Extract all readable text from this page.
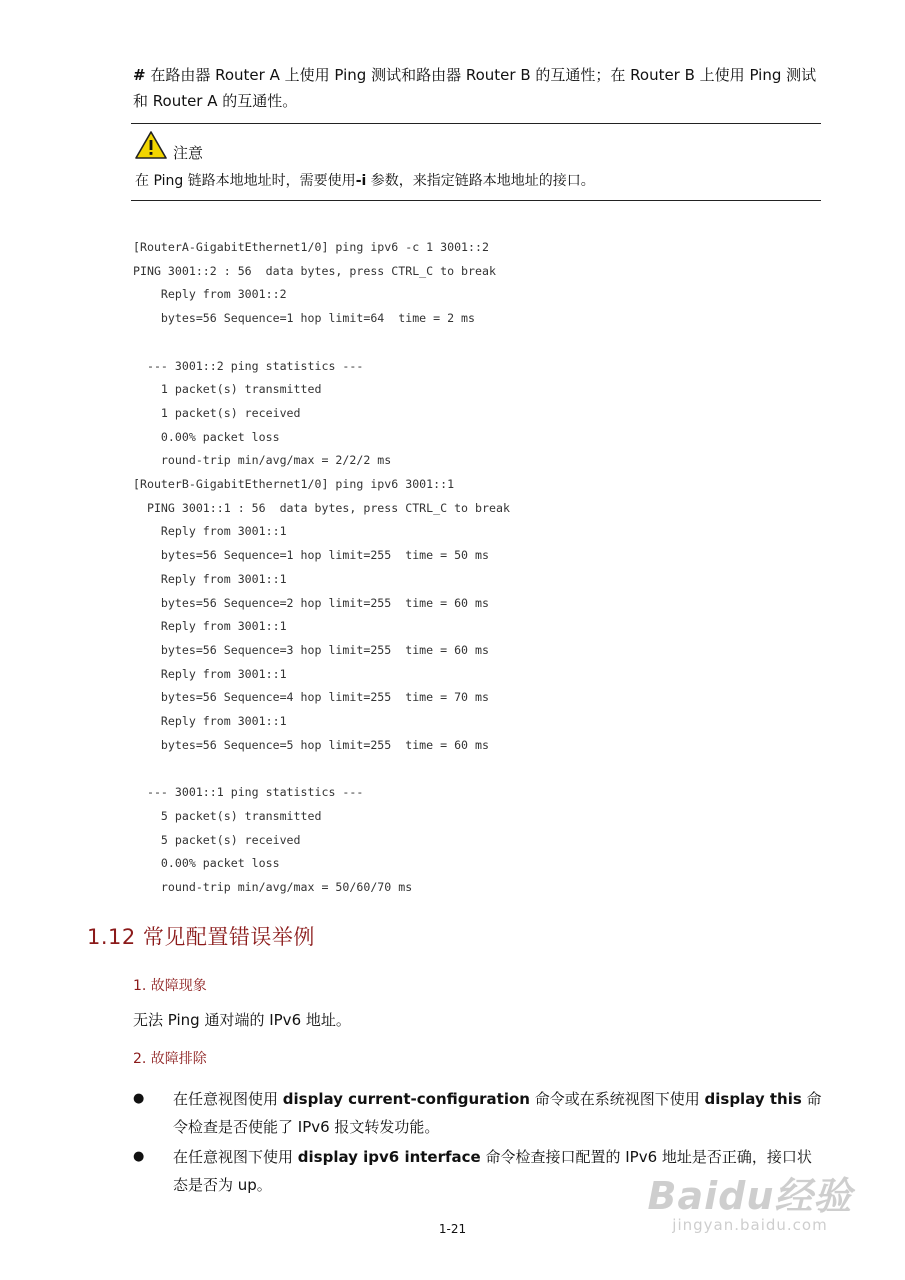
# 在路由器 Router A 上使用 Ping 测试和路由器 Router B 的互通性；在 Router B 上使用 Ping 测试和 Router A 的互通性。
注意
在 Ping 链路本地地址时，需要使用-i 参数，来指定链路本地地址的接口。
[RouterA-GigabitEthernet1/0] ping ipv6 -c 1 3001::2
PING 3001::2 : 56  data bytes, press CTRL_C to break
Reply from 3001::2
bytes=56 Sequence=1 hop limit=64  time = 2 ms

--- 3001::2 ping statistics ---
1 packet(s) transmitted
1 packet(s) received
0.00% packet loss
round-trip min/avg/max = 2/2/2 ms
[RouterB-GigabitEthernet1/0] ping ipv6 3001::1
PING 3001::1 : 56  data bytes, press CTRL_C to break
Reply from 3001::1
bytes=56 Sequence=1 hop limit=255  time = 50 ms
Reply from 3001::1
bytes=56 Sequence=2 hop limit=255  time = 60 ms
Reply from 3001::1
bytes=56 Sequence=3 hop limit=255  time = 60 ms
Reply from 3001::1
bytes=56 Sequence=4 hop limit=255  time = 70 ms
Reply from 3001::1
bytes=56 Sequence=5 hop limit=255  time = 60 ms

--- 3001::1 ping statistics ---
5 packet(s) transmitted
5 packet(s) received
0.00% packet loss
round-trip min/avg/max = 50/60/70 ms

1.12 常见配置错误举例
1. 故障现象
无法 Ping 通对端的 IPv6 地址。
2. 故障排除
● 在任意视图使用 display current-configuration 命令或在系统视图下使用 display this 命令检查是否使能了 IPv6 报文转发功能。
● 在任意视图下使用 display ipv6 interface 命令检查接口配置的 IPv6 地址是否正确，接口状态是否为 up。
1-21
Baidu经验
jingyan.baidu.com
